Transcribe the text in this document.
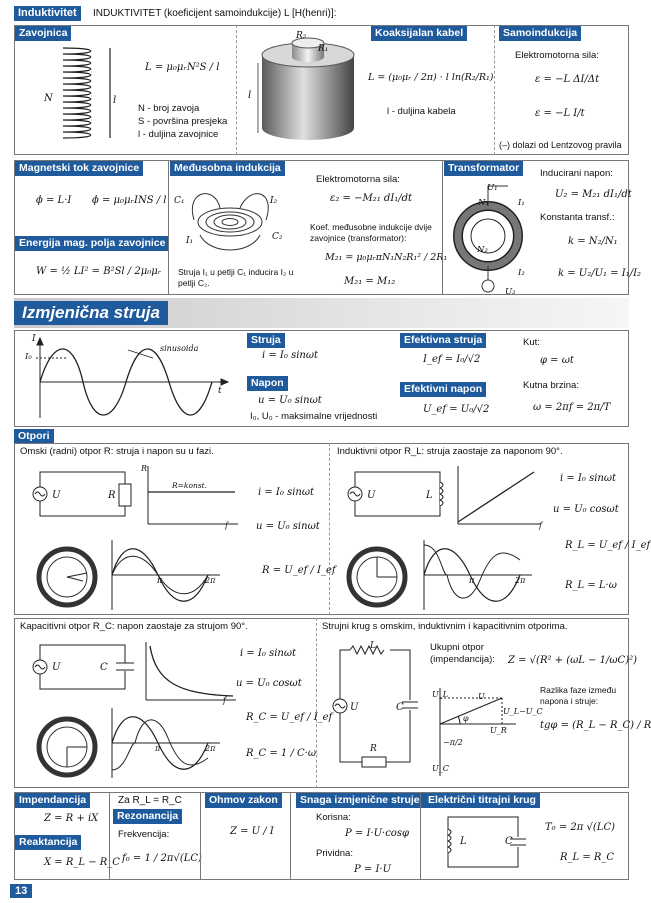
Induktivitet	INDUKTIVITET (koeficijent samoindukcije) L [H(henri)]:
Zavojnica
N	l
L = μ₀μᵣN²S / l
N - broj zavoja
S - površina presjeka
l - duljina zavojnice
R₂
R₁
l
Koaksijalan kabel
L = (μ₀μᵣ / 2π) · l ln(R₂/R₁)
l - duljina kabela
Samoindukcija
Elektromotorna sila:
ε = −L ΔI/Δt
ε = −L I/t
(–) dolazi od Lentzovog pravila
Magnetski tok zavojnice
ϕ = L·I ϕ = μ₀μᵣINS / l
Energija mag. polja zavojnice
W = ½ LI² = B²Sl / 2μ₀μᵣ
Međusobna indukcija
C₁
C₂
I₁
I₂
Struja I₁ u petlji C₁ inducira I₂ u petlji C₂.
Elektromotorna sila:
ε₂ = −M₂₁ dI₁/dt
Koef. međusobne indukcije dvije zavojnice (transformator):
M₂₁ = μ₀μᵣπN₁N₂R₁² / 2R₁
M₂₁ = M₁₂
Transformator
U₁
N₁
N₂
U₂
I₁
I₂
Inducirani napon:
U₂ = M₂₁ dI₁/dt
Konstanta transf.:
k = N₂/N₁
k = U₂/U₁ = I₁/I₂
Izmjenična struja
I
I₀
t
sinusoida
Struja
i = I₀ sinωt
Napon
u = U₀ sinωt
I₀, U₀ - maksimalne vrijednosti
Efektivna struja
I_ef = I₀/√2
Efektivni napon
U_ef = U₀/√2
Kut:
φ = ωt
Kutna brzina:
ω = 2πf = 2π/T
Otpori
Omski (radni) otpor R: struja i napon su u fazi.
U	R
R
R=konst.
f
i = I₀ sinωt
u = U₀ sinωt
R = U_ef / I_ef
π	2π
Induktivni otpor R_L: struja zaostaje za naponom 90°.
U	L
f
i = I₀ sinωt
u = U₀ cosωt
R_L = U_ef / I_ef
R_L = L·ω
π	2π
Kapacitivni otpor R_C: napon zaostaje za strujom 90°.
U	C
f
i = I₀ sinωt
u = U₀ cosωt
R_C = U_ef / I_ef
R_C = 1 / C·ω
π	2π
Strujni krug s omskim, induktivnim i kapacitivnim otporima.
L
U	C
R
Ukupni otpor (impendancija):	Z = √(R² + (ωL − 1/ωC)²)
U_L
U_C
U_R
U_L−U_C
U
φ
−π/2
Razlika faze između napona i struje:
tgφ = (R_L − R_C) / R
Impendancija
Z = R + iX
Reaktancija
X = R_L − R_C
Za R_L = R_C
Rezonancija
Frekvencija:
f₀ = 1 / 2π√(LC)
Ohmov zakon
Z = U / I
Snaga izmjenične struje
Korisna:
P = I·U·cosφ
Prividna:
P = I·U
Električni titrajni krug
L	C
T₀ = 2π √(LC)
R_L = R_C
13
